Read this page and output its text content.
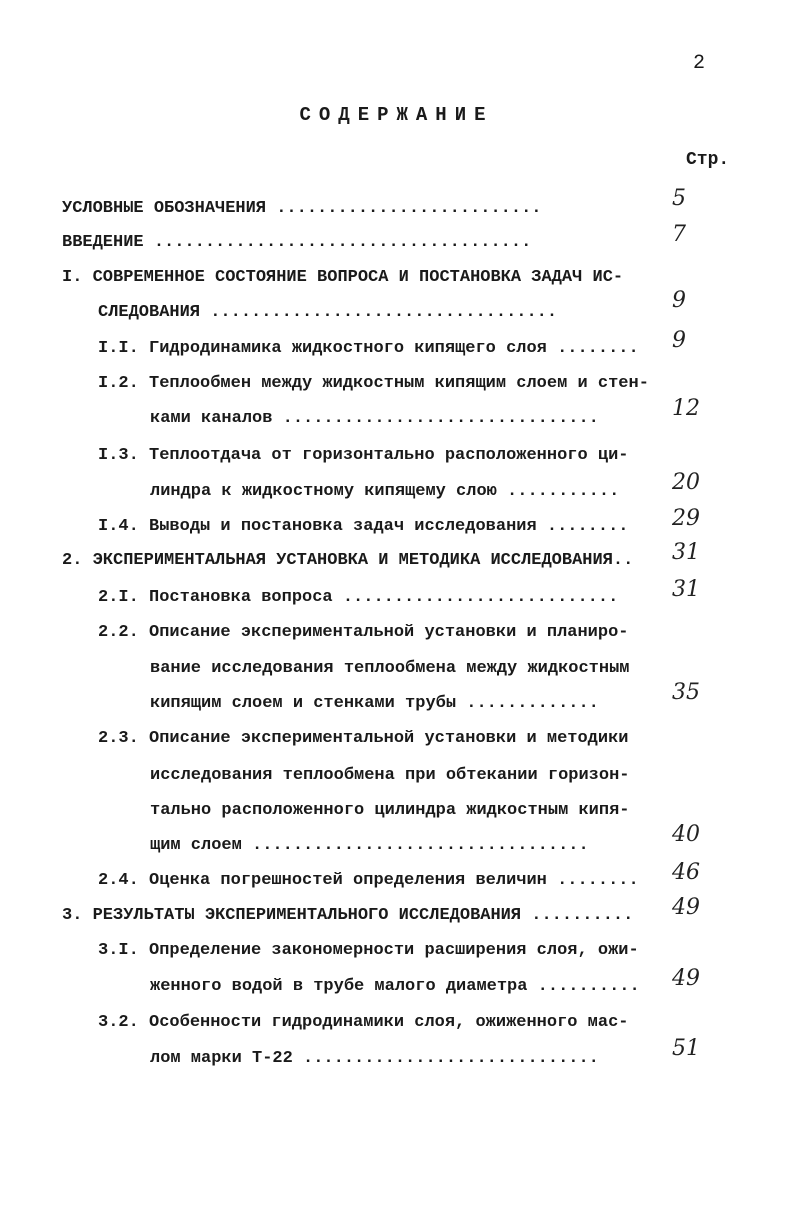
2
СОДЕРЖАНИЕ
Стр.
УСЛОВНЫЕ ОБОЗНАЧЕНИЯ ..........................	5
ВВЕДЕНИЕ .....................................	7
I. СОВРЕМЕННОЕ СОСТОЯНИЕ ВОПРОСА И ПОСТАНОВКА ЗАДАЧ ИС-
СЛЕДОВАНИЯ ..................................	9
I.I. Гидродинамика жидкостного кипящего слоя ........	9
I.2. Теплообмен между жидкостным кипящим слоем и стен-
ками каналов ...............................	12
I.3. Теплоотдача от горизонтально расположенного ци-
линдра к жидкостному кипящему слою ...........	20
I.4. Выводы и постановка задач исследования ........	29
2. ЭКСПЕРИМЕНТАЛЬНАЯ УСТАНОВКА И МЕТОДИКА ИССЛЕДОВАНИЯ..	31
2.I. Постановка вопроса ...........................	31
2.2. Описание экспериментальной установки и планиро-
вание исследования теплообмена между жидкостным
кипящим слоем и стенками трубы .............	35
2.3. Описание экспериментальной установки и методики
исследования теплообмена при обтекании горизон-
тально расположенного цилиндра жидкостным кипя-
щим слоем .................................	40
2.4. Оценка погрешностей определения величин ........	46
3. РЕЗУЛЬТАТЫ ЭКСПЕРИМЕНТАЛЬНОГО ИССЛЕДОВАНИЯ ..........	49
3.I. Определение закономерности расширения слоя, ожи-
женного водой в трубе малого диаметра ..........	49
3.2. Особенности гидродинамики слоя, ожиженного мас-
лом марки Т-22 .............................	51
